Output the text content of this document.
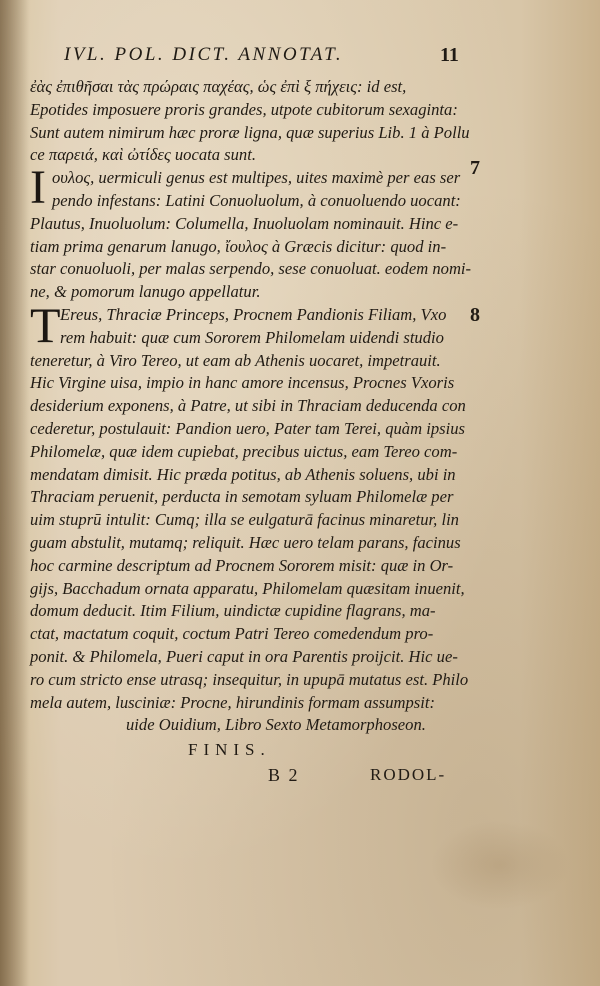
IVL. POL. DICT. ANNOTAT.	11
ἐὰς ἐπιθῆσαι τὰς πρώραις παχέας, ὡς ἐπὶ ξ πήχεις: id est,
Epotides imposuere proris grandes, utpote cubitorum sexaginta:
Sunt autem nimirum hæc proræ ligna, quæ superius Lib. 1 à Pollu
ce παρειά, καὶ ὠτίδες uocata sunt.
I	7
ουλος, uermiculi genus est multipes, uites maximè per eas ser
pendo infestans: Latini Conuoluolum, à conuoluendo uocant:
Plautus, Inuoluolum: Columella, Inuoluolam nominauit. Hinc e-
tiam prima genarum lanugo, ἴουλος à Græcis dicitur: quod in-
star conuoluoli, per malas serpendo, sese conuoluat. eodem nomi-
ne, & pomorum lanugo appellatur.
T	8
Ereus, Thraciæ Princeps, Procnem Pandionis Filiam, Vxo
rem habuit: quæ cum Sororem Philomelam uidendi studio
teneretur, à Viro Tereo, ut eam ab Athenis uocaret, impetrauit.
Hic Virgine uisa, impio in hanc amore incensus, Procnes Vxoris
desiderium exponens, à Patre, ut sibi in Thraciam deducenda con
cederetur, postulauit: Pandion uero, Pater tam Terei, quàm ipsius
Philomelæ, quæ idem cupiebat, precibus uictus, eam Tereo com-
mendatam dimisit. Hic præda potitus, ab Athenis soluens, ubi in
Thraciam peruenit, perducta in semotam syluam Philomelæ per
uim stuprū intulit: Cumq; illa se eulgaturā facinus minaretur, lin
guam abstulit, mutamq; reliquit. Hæc uero telam parans, facinus
hoc carmine descriptum ad Procnem Sororem misit: quæ in Or-
gijs, Bacchadum ornata apparatu, Philomelam quæsitam inuenit,
domum deducit. Itim Filium, uindictæ cupidine flagrans, ma-
ctat, mactatum coquit, coctum Patri Tereo comedendum pro-
ponit. & Philomela, Pueri caput in ora Parentis proijcit. Hic ue-
ro cum stricto ense utrasq; insequitur, in upupā mutatus est. Philo
mela autem, lusciniæ: Procne, hirundinis formam assumpsit:
uide Ouidium, Libro Sexto Metamorphoseon.
FINIS.
B 2	RODOL-
